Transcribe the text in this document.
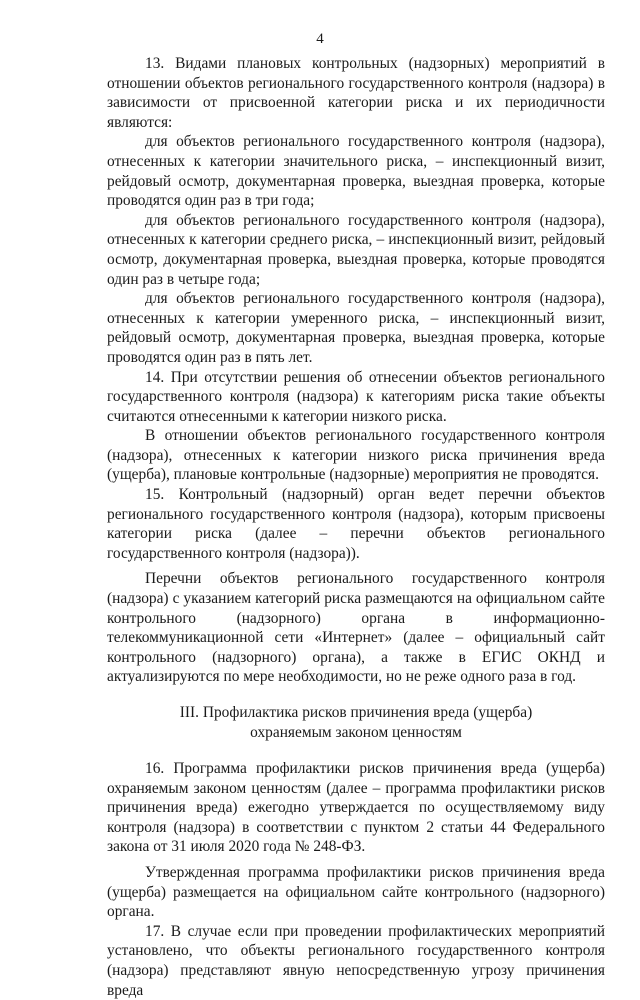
4

13. Видами плановых контрольных (надзорных) мероприятий в отношении объектов регионального государственного контроля (надзора) в зависимости от присвоенной категории риска и их периодичности являются:

для объектов регионального государственного контроля (надзора), отнесенных к категории значительного риска, – инспекционный визит, рейдовый осмотр, документарная проверка, выездная проверка, которые проводятся один раз в три года;

для объектов регионального государственного контроля (надзора), отнесенных к категории среднего риска, – инспекционный визит, рейдовый осмотр, документарная проверка, выездная проверка, которые проводятся один раз в четыре года;

для объектов регионального государственного контроля (надзора), отнесенных к категории умеренного риска, – инспекционный визит, рейдовый осмотр, документарная проверка, выездная проверка, которые проводятся один раз в пять лет.

14. При отсутствии решения об отнесении объектов регионального государственного контроля (надзора) к категориям риска такие объекты считаются отнесенными к категории низкого риска.

В отношении объектов регионального государственного контроля (надзора), отнесенных к категории низкого риска причинения вреда (ущерба), плановые контрольные (надзорные) мероприятия не проводятся.

15. Контрольный (надзорный) орган ведет перечни объектов регионального государственного контроля (надзора), которым присвоены категории риска (далее – перечни объектов регионального государственного контроля (надзора)).

Перечни объектов регионального государственного контроля (надзора) с указанием категорий риска размещаются на официальном сайте контрольного (надзорного) органа в информационно-телекоммуникационной сети «Интернет» (далее – официальный сайт контрольного (надзорного) органа), а также в ЕГИС ОКНД и актуализируются по мере необходимости, но не реже одного раза в год.

III. Профилактика рисков причинения вреда (ущерба)
охраняемым законом ценностям

16. Программа профилактики рисков причинения вреда (ущерба) охраняемым законом ценностям (далее – программа профилактики рисков причинения вреда) ежегодно утверждается по осуществляемому виду контроля (надзора) в соответствии с пунктом 2 статьи 44 Федерального закона от 31 июля 2020 года № 248-ФЗ.

Утвержденная программа профилактики рисков причинения вреда (ущерба) размещается на официальном сайте контрольного (надзорного) органа.

17. В случае если при проведении профилактических мероприятий установлено, что объекты регионального государственного контроля (надзора) представляют явную непосредственную угрозу причинения вреда
